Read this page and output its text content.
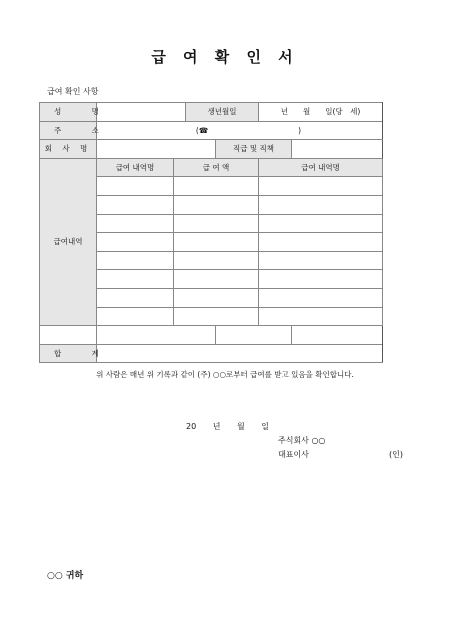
급 여 확 인 서
급여 확인 사항
성 명			생년월일		년　　월　　일(당　세)		
주 소	(☎　　　　　　　　　　　　)						
회 사 명				직급 및 직책			
급여내역	급여 내역명	급 여 액			급여 내역명	

합 계							
위 사람은 매년 위 기록과 같이 (주) ○○로부터 급여를 받고 있음을 확인합니다.
20 년 월 일
주식회사 ○○
대표이사	(인)
○○ 귀하
